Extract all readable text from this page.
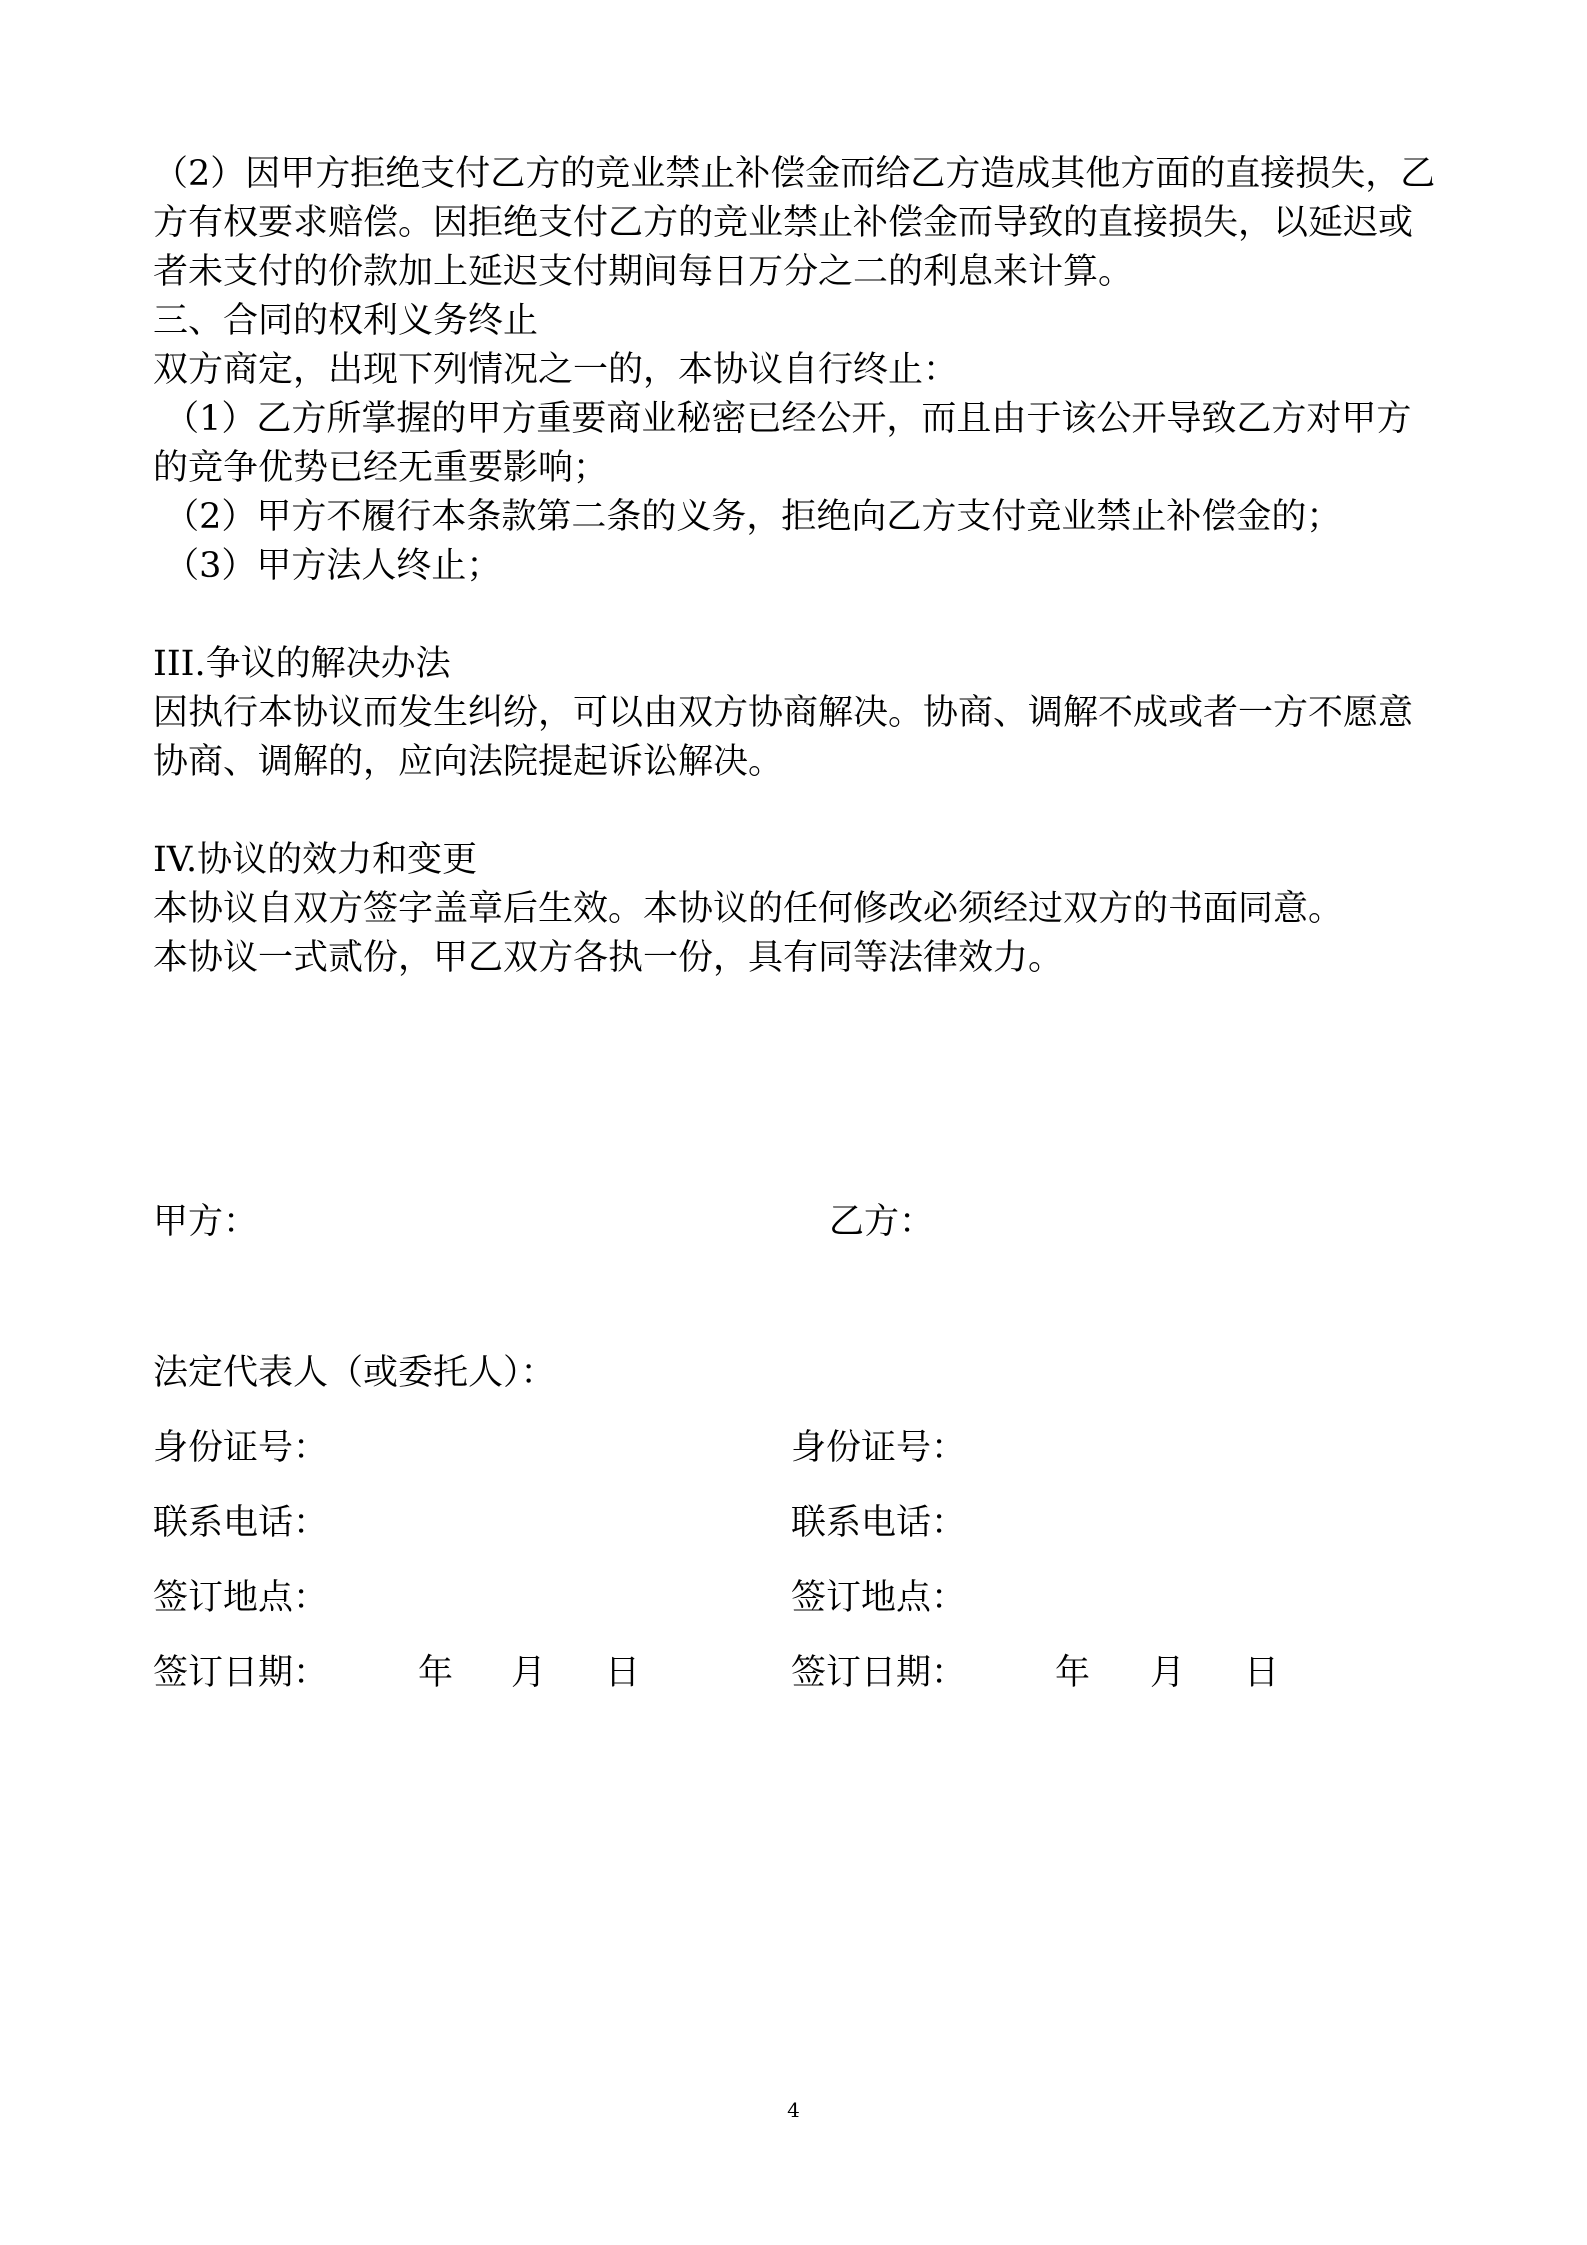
（2）因甲方拒绝支付乙方的竞业禁止补偿金而给乙方造成其他方面的直接损失，乙方有权要求赔偿。因拒绝支付乙方的竞业禁止补偿金而导致的直接损失，以延迟或者未支付的价款加上延迟支付期间每日万分之二的利息来计算。

三、合同的权利义务终止

双方商定，出现下列情况之一的，本协议自行终止：

（1）乙方所掌握的甲方重要商业秘密已经公开，而且由于该公开导致乙方对甲方的竞争优势已经无重要影响；

（2）甲方不履行本条款第二条的义务，拒绝向乙方支付竞业禁止补偿金的；

（3）甲方法人终止；

III.争议的解决办法

因执行本协议而发生纠纷，可以由双方协商解决。协商、调解不成或者一方不愿意协商、调解的，应向法院提起诉讼解决。

IV.协议的效力和变更

本协议自双方签字盖章后生效。本协议的任何修改必须经过双方的书面同意。

本协议一式贰份，甲乙双方各执一份，具有同等法律效力。

甲方：	乙方：
法定代表人（或委托人）：
身份证号：	身份证号：
联系电话：	联系电话：
签订地点：	签订地点：
签订日期：	年 月 日	签订日期：	年 月 日
4
